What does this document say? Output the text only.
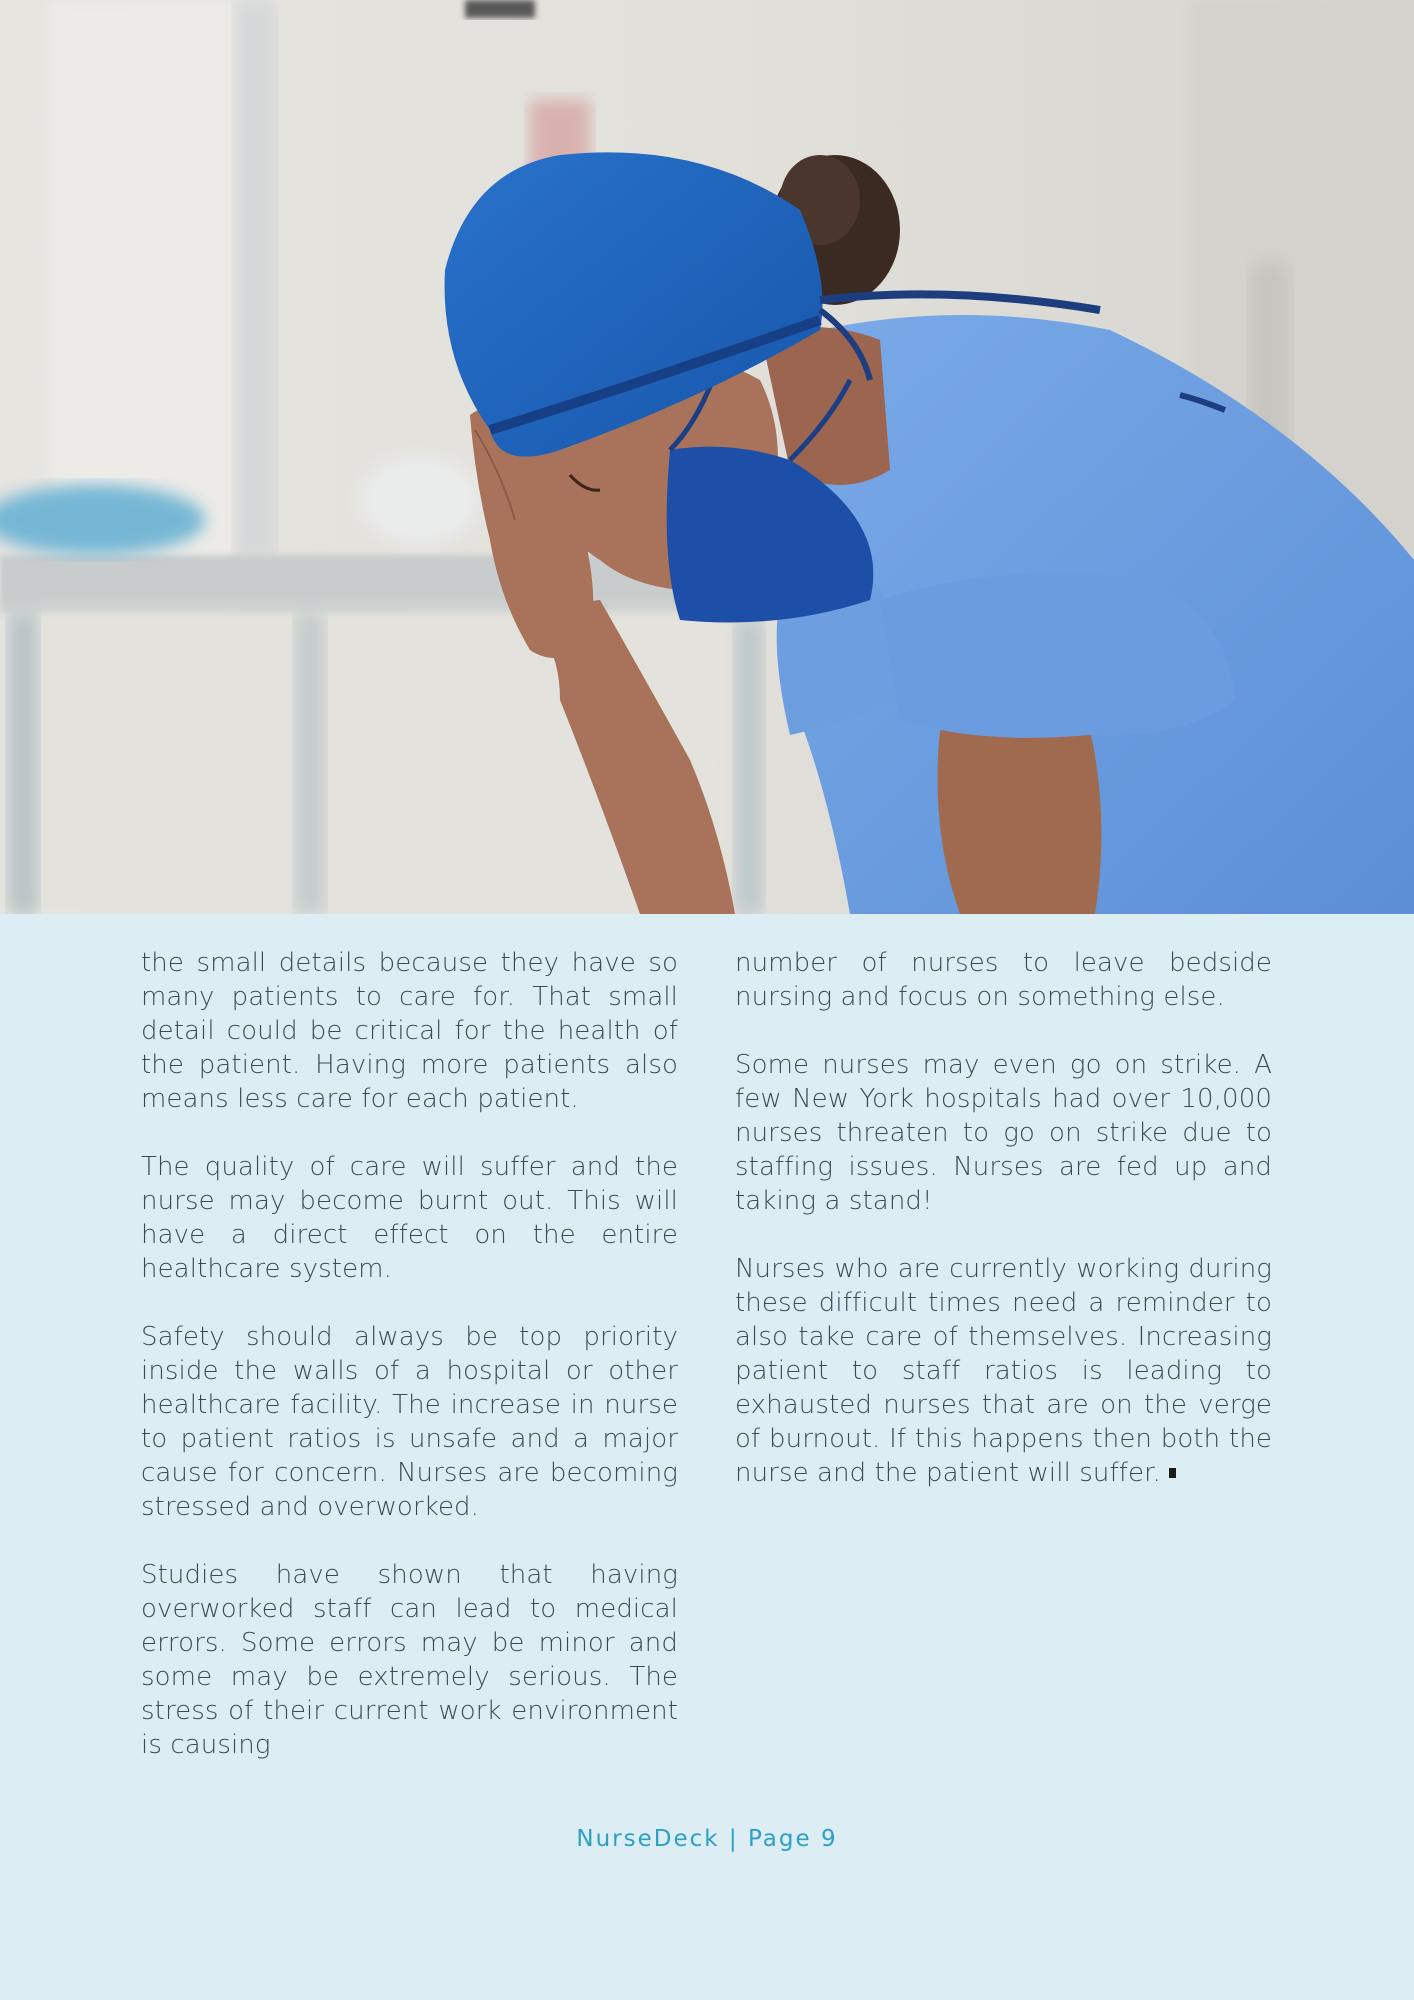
the small details because they have so many patients to care for. That small detail could be critical for the health of the patient. Having more patients also means less care for each patient.

The quality of care will suffer and the nurse may become burnt out. This will have a direct effect on the entire healthcare system.

Safety should always be top priority inside the walls of a hospital or other healthcare facility. The increase in nurse to patient ratios is unsafe and a major cause for concern. Nurses are becoming stressed and overworked.

Studies have shown that having overworked staff can lead to medical errors. Some errors may be minor and some may be extremely serious. The stress of their current work environment is causing

number of nurses to leave bedside nursing and focus on something else.

Some nurses may even go on strike. A few New York hospitals had over 10,000 nurses threaten to go on strike due to staffing issues. Nurses are fed up and taking a stand!

Nurses who are currently working during these difficult times need a reminder to also take care of themselves. Increasing patient to staff ratios is leading to exhausted nurses that are on the verge of burnout. If this happens then both the nurse and the patient will suffer.

NurseDeck | Page 9
